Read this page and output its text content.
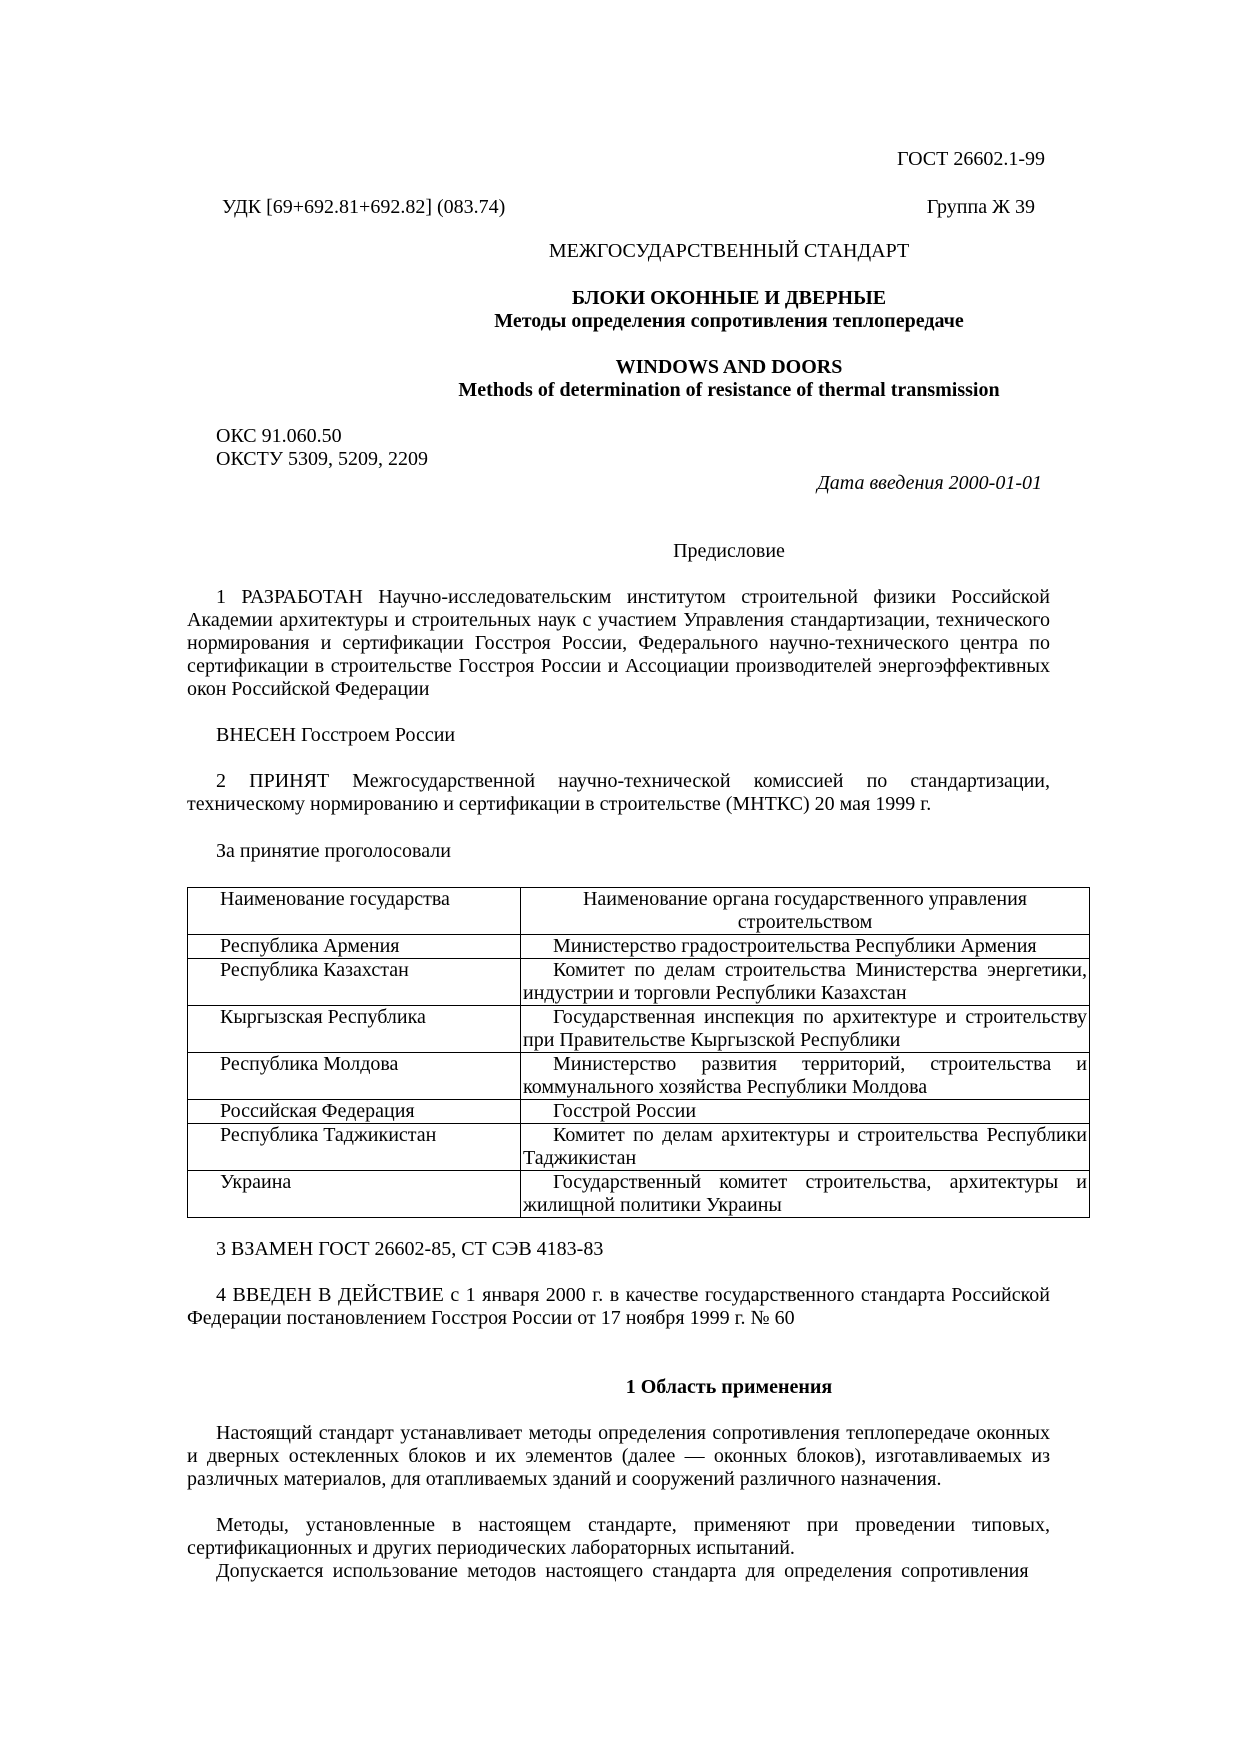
ГОСТ 26602.1-99
УДК [69+692.81+692.82] (083.74)	Группа Ж 39
МЕЖГОСУДАРСТВЕННЫЙ СТАНДАРТ
БЛОКИ ОКОННЫЕ И ДВЕРНЫЕ
Методы определения сопротивления теплопередаче
WINDOWS AND DOORS
Methods of determination of resistance of thermal transmission
ОКС 91.060.50
ОКСТУ 5309, 5209, 2209
Дата введения 2000-01-01
Предисловие
1 РАЗРАБОТАН Научно-исследовательским институтом строительной физики Российской Академии архитектуры и строительных наук с участием Управления стандартизации, технического нормирования и сертификации Госстроя России, Федерального научно-технического центра по сертификации в строительстве Госстроя России и Ассоциации производителей энергоэффективных окон Российской Федерации
ВНЕСЕН Госстроем России
2 ПРИНЯТ Межгосударственной научно-технической комиссией по стандартизации, техническому нормированию и сертификации в строительстве (МНТКС) 20 мая 1999 г.
За принятие проголосовали
Наименование государства	Наименование органа государственного управления строительством
Республика Армения	Министерство градостроительства Республики Армения
Республика Казахстан	Комитет по делам строительства Министерства энергетики, индустрии и торговли Республики Казахстан
Кыргызская Республика	Государственная инспекция по архитектуре и строительству при Правительстве Кыргызской Республики
Республика Молдова	Министерство развития территорий, строительства и коммунального хозяйства Республики Молдова
Российская Федерация	Госстрой России
Республика Таджикистан	Комитет по делам архитектуры и строительства Республики Таджикистан
Украина	Государственный комитет строительства, архитектуры и жилищной политики Украины
3 ВЗАМЕН ГОСТ 26602-85, СТ СЭВ 4183-83
4 ВВЕДЕН В ДЕЙСТВИЕ с 1 января 2000 г. в качестве государственного стандарта Российской Федерации постановлением Госстроя России от 17 ноября 1999 г. № 60
1 Область применения
Настоящий стандарт устанавливает методы определения сопротивления теплопередаче оконных и дверных остекленных блоков и их элементов (далее — оконных блоков), изготавливаемых из различных материалов, для отапливаемых зданий и сооружений различного назначения.
Методы, установленные в настоящем стандарте, применяют при проведении типовых, сертификационных и других периодических лабораторных испытаний.
Допускается использование методов настоящего стандарта для определения сопротивления
